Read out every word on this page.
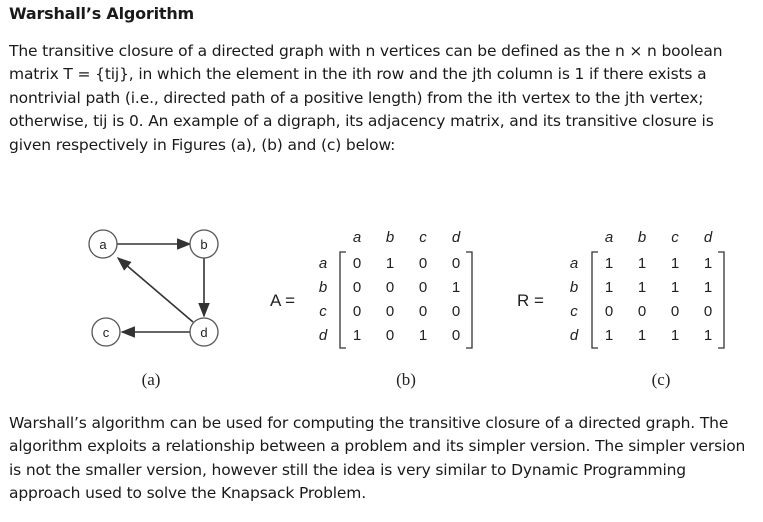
Warshall’s Algorithm
The transitive closure of a directed graph with n vertices can be defined as the n × n boolean
matrix T = {tij}, in which the element in the ith row and the jth column is 1 if there exists a
nontrivial path (i.e., directed path of a positive length) from the ith vertex to the jth vertex;
otherwise, tij is 0. An example of a digraph, its adjacency matrix, and its transitive closure is
given respectively in Figures (a), (b) and (c) below:
a	b
c	d
A =
a b c d
a
b
c
d
0 1 0 0
0 0 0 1
0 0 0 0
1 0 1 0
(b)
R =
a b c d
a
b
c
d
1 1 1 1
1 1 1 1
0 0 0 0
1 1 1 1
(c)
(a)
Warshall’s algorithm can be used for computing the transitive closure of a directed graph. The
algorithm exploits a relationship between a problem and its simpler version. The simpler version
is not the smaller version, however still the idea is very similar to Dynamic Programming
approach used to solve the Knapsack Problem.
